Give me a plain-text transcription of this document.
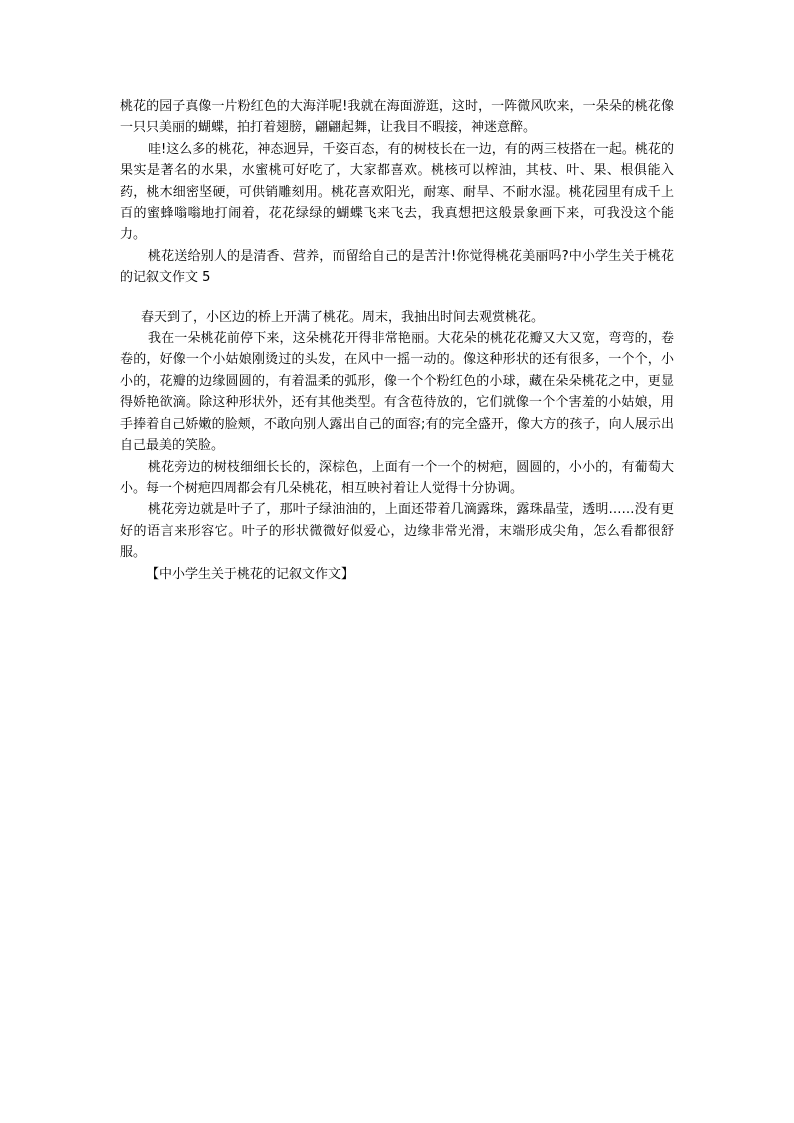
桃花的园子真像一片粉红色的大海洋呢!我就在海面游逛，这时，一阵微风吹来，一朵朵的桃花像一只只美丽的蝴蝶，拍打着翅膀，翩翩起舞，让我目不暇接，神迷意醉。

哇!这么多的桃花，神态迥异，千姿百态，有的树枝长在一边，有的两三枝搭在一起。桃花的果实是著名的水果，水蜜桃可好吃了，大家都喜欢。桃核可以榨油，其枝、叶、果、根俱能入药，桃木细密坚硬，可供销雕刻用。桃花喜欢阳光，耐寒、耐旱、不耐水湿。桃花园里有成千上百的蜜蜂嗡嗡地打闹着，花花绿绿的蝴蝶飞来飞去，我真想把这般景象画下来，可我没这个能力。

桃花送给别人的是清香、营养，而留给自己的是苦汁!你觉得桃花美丽吗?中小学生关于桃花的记叙文作文 5

春天到了，小区边的桥上开满了桃花。周末，我抽出时间去观赏桃花。

我在一朵桃花前停下来，这朵桃花开得非常艳丽。大花朵的桃花花瓣又大又宽，弯弯的，卷卷的，好像一个小姑娘刚烫过的头发，在风中一摇一动的。像这种形状的还有很多，一个个，小小的，花瓣的边缘圆圆的，有着温柔的弧形，像一个个粉红色的小球，藏在朵朵桃花之中，更显得娇艳欲滴。除这种形状外，还有其他类型。有含苞待放的，它们就像一个个害羞的小姑娘，用手捧着自己娇嫩的脸颊，不敢向别人露出自己的面容;有的完全盛开，像大方的孩子，向人展示出自己最美的笑脸。

桃花旁边的树枝细细长长的，深棕色，上面有一个一个的树疤，圆圆的，小小的，有葡萄大小。每一个树疤四周都会有几朵桃花，相互映衬着让人觉得十分协调。

桃花旁边就是叶子了，那叶子绿油油的，上面还带着几滴露珠，露珠晶莹，透明……没有更好的语言来形容它。叶子的形状微微好似爱心，边缘非常光滑，末端形成尖角，怎么看都很舒服。

【中小学生关于桃花的记叙文作文】
